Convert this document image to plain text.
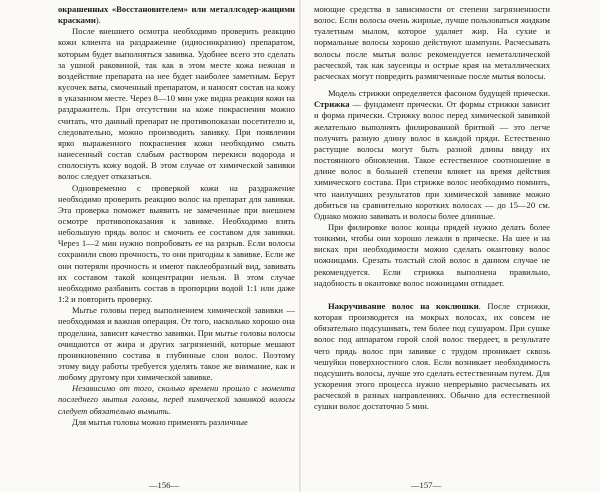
окрашенных «Восстановителем» или металлсодер-жащими красками).

После внешнего осмотра необходимо проверить реакцию кожи клиента на раздражение (идиосинкразию) препаратом, которым будет выполняться завивка. Удобнее всего это сделать за ушной раковиной, так как в этом месте кожа нежная и воздействие препарата на нее будет наиболее заметным. Берут кусочек ваты, смоченный препаратом, и наносят состав на кожу в указанном месте. Через 8—10 мин уже видна реакция кожи на раздражитель. При отсутствии на коже покраснения можно считать, что данный препарат не противопоказан посетителю и, следовательно, можно производить завивку. При появлении ярко выраженного покраснения кожи необходимо смыть нанесенный состав слабым раствором перекиси водорода и сполоснуть кожу водой. В этом случае от химической завивки волос следует отказаться.

Одновременно с проверкой кожи на раздражение необходимо проверить реакцию волос на препарат для завивки. Эта проверка поможет выявить не замеченные при внешнем осмотре противопоказания к завивке. Необходимо взять небольшую прядь волос и смочить ее составом для завивки. Через 1—2 мин нужно попробовать ее на разрыв. Если волосы сохранили свою прочность, то они пригодны к завивке. Если же они потеряли прочность и имеют паклеобразный вид, завивать их составом такой концентрации нельзя. В этом случае необходимо разбавить состав в пропорции водой 1:1 или даже 1:2 и повторить проверку.

Мытье головы перед выполнением химической завивки — необходимая и важная операция. От того, насколько хорошо она проделана, зависит качество завивки. При мытье головы волосы очищаются от жира и других загрязнений, которые мешают проникновению состава в глубинные слои волос. Поэтому этому виду работы требуется уделять такое же внимание, как и любому другому при химической завивке.

Независимо от того, сколько времени прошло с момента последнего мытья головы, перед химической завивкой волосы следует обязательно вымыть.

Для мытья головы можно применять различные

моющие средства в зависимости от степени загрязненности волос. Если волосы очень жирные, лучше пользоваться жидким туалетным мылом, которое удаляет жир. На сухие и нормальные волосы хорошо действуют шампуни. Расчесывать волосы после мытья волос рекомендуется неметаллической расческой, так как заусенцы и острые края на металлических расческах могут повредить размягченные после мытья волосы.

Модель стрижки определяется фасоном будущей прически. Стрижка — фундамент прически. От формы стрижки зависит и форма прически. Стрижку волос перед химической завивкой желательно выполнять филированной бритвой — это легче получить разную длину волос в каждой пряди. Естественно растущие волосы могут быть разной длины ввиду их постоянного обновления. Такое естественное соотношение в длине волос в большей степени влияет на время действия химического состава. При стрижке волос необходимо помнить, что наилучших результатов при химической завивке можно добиться на сравнительно коротких волосах — до 15—20 см. Однако можно завивать и волосы более длинные.

При филировке волос концы прядей нужно делать более тонкими, чтобы они хорошо лежали в прическе. На шее и на висках при необходимости можно сделать окантовку волос ножницами. Срезать толстый слой волос в данном случае не рекомендуется. Если стрижка выполнена правильно, надобность в окантовке волос ножницами отпадает.

Накручивание волос на коклюшки. После стрижки, которая производится на мокрых волосах, их совсем не обязательно подсушивать, тем более под сушуаром. При сушке волос под аппаратом горой слой волос твердеет, в результате чего прядь волос при завивке с трудом проникает сквозь чешуйки поверхностного слоя. Если возникает необходимость подсушить волосы, лучше это сделать естественным путем. Для ускорения этого процесса нужно непрерывно расчесывать их расческой в разных направлениях. Обычно для естественной сушки волос достаточно 5 мин.

—156—	—157—
